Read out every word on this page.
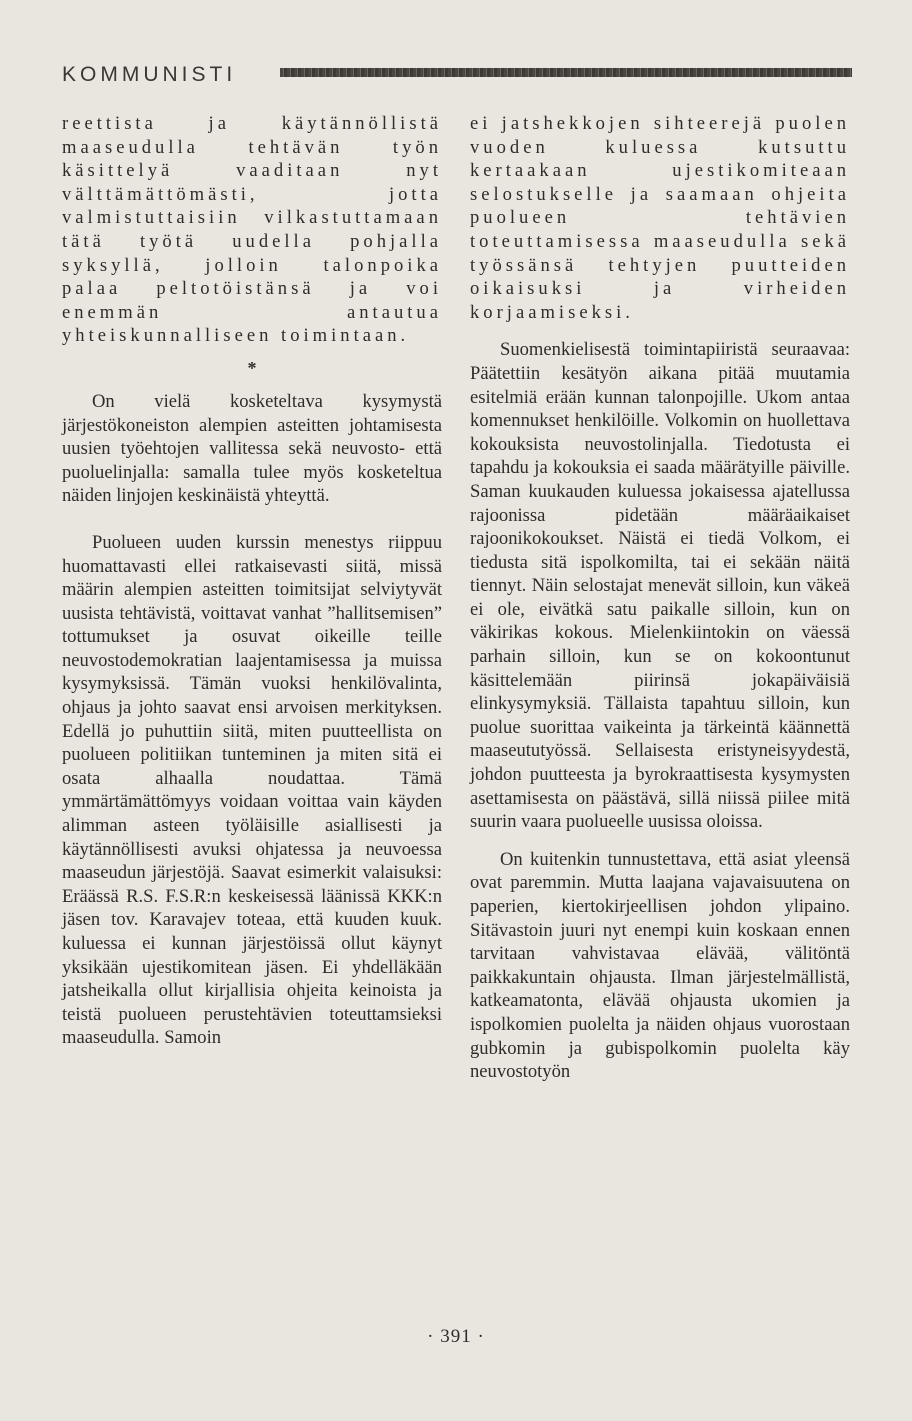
KOMMUNISTI

reettista ja käytännöllistä maaseudulla tehtävän työn käsittelyä vaaditaan nyt välttämättömästi, jotta valmistuttaisiin vilkastuttamaan tätä työtä uudella pohjalla syksyllä, jolloin talonpoika palaa peltotöistänsä ja voi enemmän antautua yhteiskunnalliseen toimintaan.

*

On vielä kosketeltava kysymystä järjestökoneiston alempien asteitten johtamisesta uusien työehtojen vallitessa sekä neuvosto- että puoluelinjalla: samalla tulee myös kosketeltua näiden linjojen keskinäistä yhteyttä.

Puolueen uuden kurssin menestys riippuu huomattavasti ellei ratkaisevasti siitä, missä määrin alempien asteitten toimitsijat selviytyvät uusista tehtävistä, voittavat vanhat ”hallitsemisen” tottumukset ja osuvat oikeille teille neuvostodemokratian laajentamisessa ja muissa kysymyksissä. Tämän vuoksi henkilövalinta, ohjaus ja johto saavat ensi arvoisen merkityksen. Edellä jo puhuttiin siitä, miten puutteellista on puolueen politiikan tunteminen ja miten sitä ei osata alhaalla noudattaa. Tämä ymmärtämättömyys voidaan voittaa vain käyden alimman asteen työläisille asiallisesti ja käytännöllisesti avuksi ohjatessa ja neuvoessa maaseudun järjestöjä. Saavat esimerkit valaisuksi: Eräässä R.S. F.S.R:n keskeisessä läänissä KKK:n jäsen tov. Karavajev toteaa, että kuuden kuuk. kuluessa ei kunnan järjestöissä ollut käynyt yksikään ujestikomitean jäsen. Ei yhdelläkään jatsheikalla ollut kirjallisia ohjeita keinoista ja teistä puolueen perustehtävien toteuttamsieksi maaseudulla. Samoin

ei jatshekkojen sihteerejä puolen vuoden kuluessa kutsuttu kertaakaan ujestikomiteaan selostukselle ja saamaan ohjeita puolueen tehtävien toteuttamisessa maaseudulla sekä työssänsä tehtyjen puutteiden oikaisuksi ja virheiden korjaamiseksi.

Suomenkielisestä toimintapiiristä seuraavaa: Päätettiin kesätyön aikana pitää muutamia esitelmiä erään kunnan talonpojille. Ukom antaa komennukset henkilöille. Volkomin on huollettava kokouksista neuvostolinjalla. Tiedotusta ei tapahdu ja kokouksia ei saada määrätyille päiville. Saman kuukauden kuluessa jokaisessa ajatellussa rajoonissa pidetään määräaikaiset rajoonikokoukset. Näistä ei tiedä Volkom, ei tiedusta sitä ispolkomilta, tai ei sekään näitä tiennyt. Näin selostajat menevät silloin, kun väkeä ei ole, eivätkä satu paikalle silloin, kun on väkirikas kokous. Mielenkiintokin on väessä parhain silloin, kun se on kokoontunut käsittelemään piirinsä jokapäiväisiä elinkysymyksiä. Tällaista tapahtuu silloin, kun puolue suorittaa vaikeinta ja tärkeintä käännettä maaseututyössä. Sellaisesta eristyneisyydestä, johdon puutteesta ja byrokraattisesta kysymysten asettamisesta on päästävä, sillä niissä piilee mitä suurin vaara puolueelle uusissa oloissa.

On kuitenkin tunnustettava, että asiat yleensä ovat paremmin. Mutta laajana vajavaisuutena on paperien, kiertokirjeellisen johdon ylipaino. Sitävastoin juuri nyt enempi kuin koskaan ennen tarvitaan vahvistavaa elävää, välitöntä paikkakuntain ohjausta. Ilman järjestelmällistä, katkeamatonta, elävää ohjausta ukomien ja ispolkomien puolelta ja näiden ohjaus vuorostaan gubkomin ja gubispolkomin puolelta käy neuvostotyön

· 391 ·
